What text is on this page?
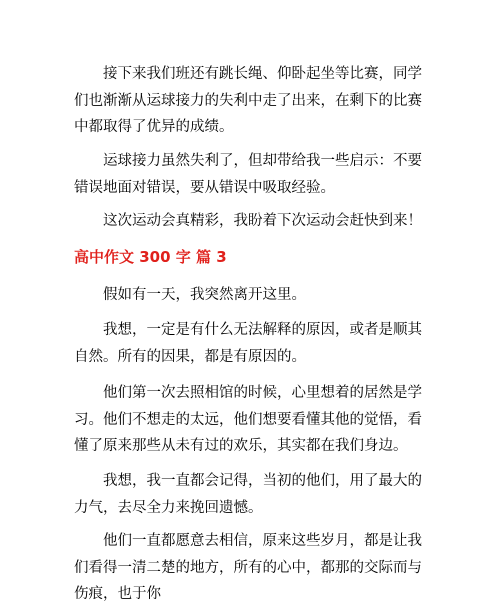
接下来我们班还有跳长绳、仰卧起坐等比赛，同学们也渐渐从运球接力的失利中走了出来，在剩下的比赛中都取得了优异的成绩。

运球接力虽然失利了，但却带给我一些启示：不要错误地面对错误，要从错误中吸取经验。

这次运动会真精彩，我盼着下次运动会赶快到来！

高中作文 300 字 篇 3

假如有一天，我突然离开这里。

我想，一定是有什么无法解释的原因，或者是顺其自然。所有的因果，都是有原因的。

他们第一次去照相馆的时候，心里想着的居然是学习。他们不想走的太远，他们想要看懂其他的觉悟，看懂了原来那些从未有过的欢乐，其实都在我们身边。

我想，我一直都会记得，当初的他们，用了最大的力气，去尽全力来挽回遗憾。

他们一直都愿意去相信，原来这些岁月，都是让我们看得一清二楚的地方，所有的心中，都那的交际而与伤痕，也于你
